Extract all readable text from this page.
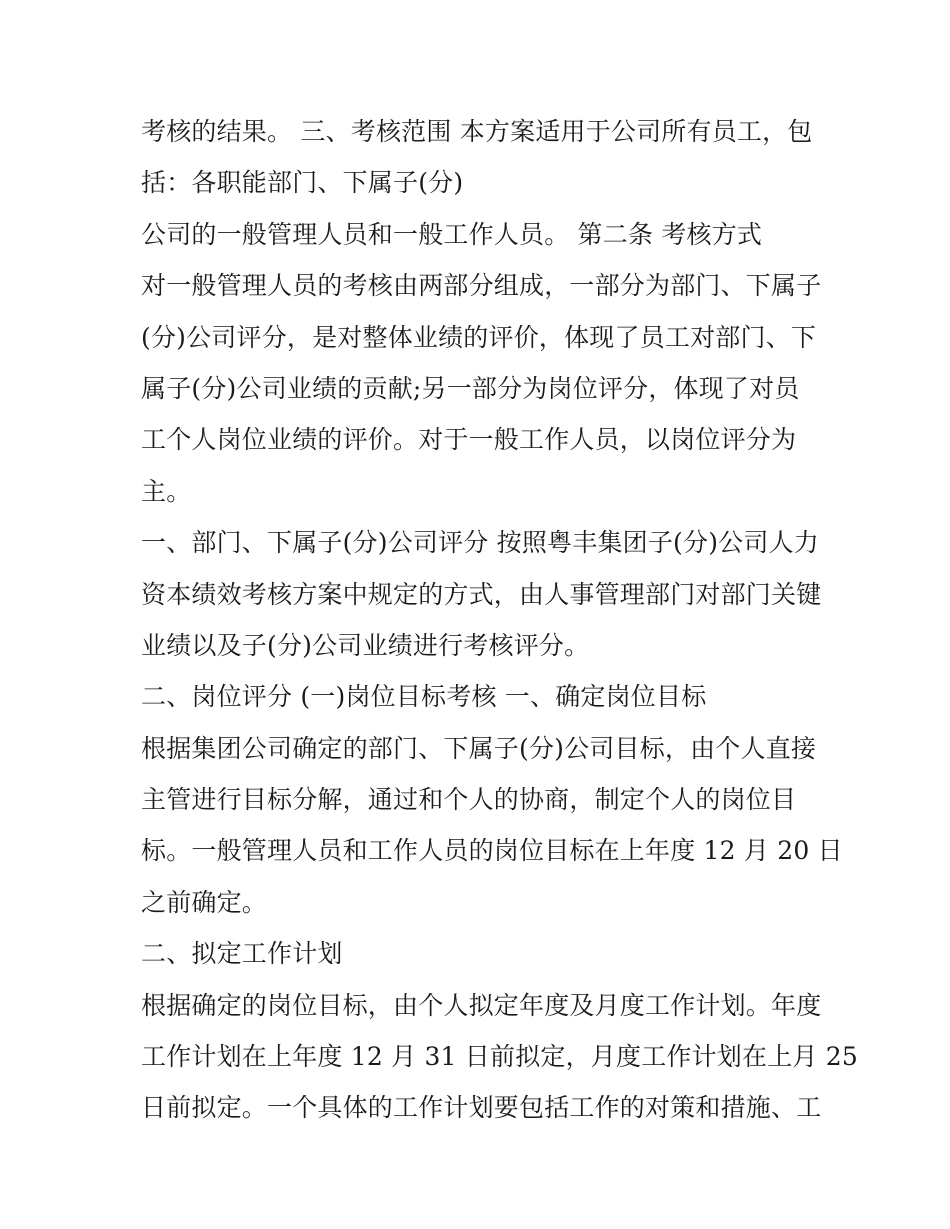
考核的结果。 三、考核范围 本方案适用于公司所有员工，包
括：各职能部门、下属子(分)
公司的一般管理人员和一般工作人员。 第二条 考核方式
对一般管理人员的考核由两部分组成，一部分为部门、下属子
(分)公司评分，是对整体业绩的评价，体现了员工对部门、下
属子(分)公司业绩的贡献;另一部分为岗位评分，体现了对员
工个人岗位业绩的评价。对于一般工作人员，以岗位评分为
主。
一、部门、下属子(分)公司评分 按照粤丰集团子(分)公司人力
资本绩效考核方案中规定的方式，由人事管理部门对部门关键
业绩以及子(分)公司业绩进行考核评分。
二、岗位评分 (一)岗位目标考核 一、确定岗位目标
根据集团公司确定的部门、下属子(分)公司目标，由个人直接
主管进行目标分解，通过和个人的协商，制定个人的岗位目
标。一般管理人员和工作人员的岗位目标在上年度 12 月 20 日
之前确定。
二、拟定工作计划
根据确定的岗位目标，由个人拟定年度及月度工作计划。年度
工作计划在上年度 12 月 31 日前拟定，月度工作计划在上月 25
日前拟定。一个具体的工作计划要包括工作的对策和措施、工
